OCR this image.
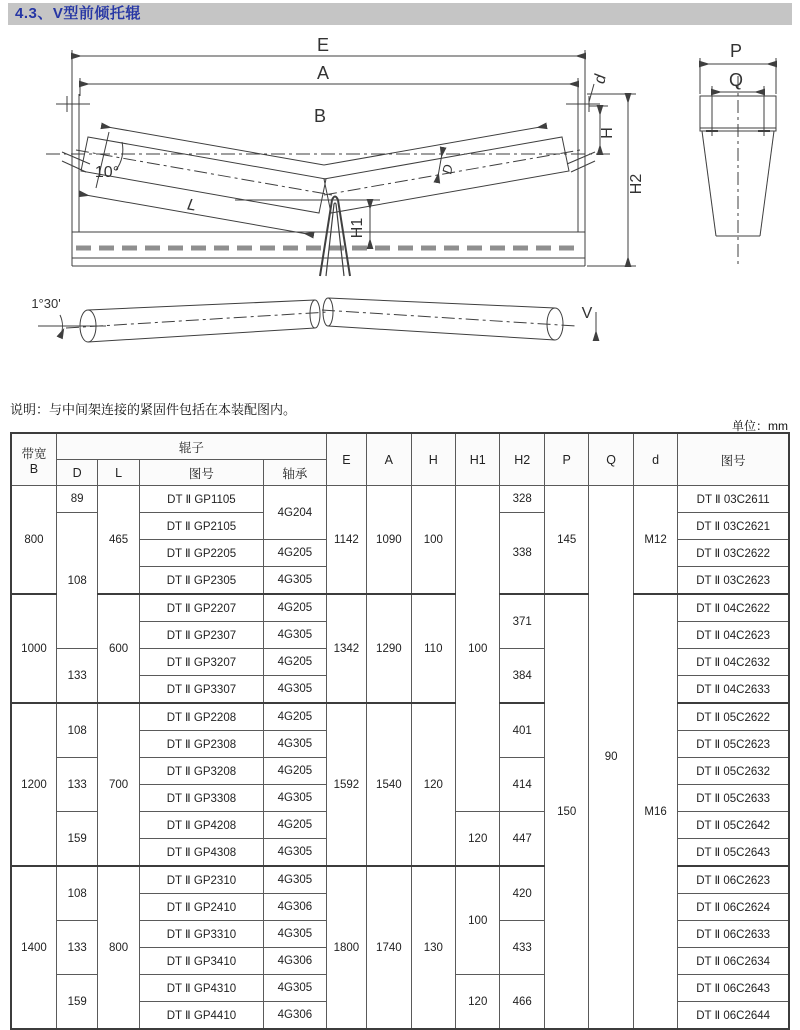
4.3、V型前倾托辊
E
A
B
d
H
H2
H1
L
10°	D
P
Q
1°30'
V
说明：与中间架连接的紧固件包括在本装配图内。
单位：mm
带宽
B	辊子				E	A	H	H1	H2	P	Q	d	图号
	D	L	图号	轴承									
800	89	465	DT Ⅱ GP1105	4G204	1142	1090	100	100	328	145	90	M12	DT Ⅱ 03C2611
	108		DT Ⅱ GP2105						338				DT Ⅱ 03C2621
			DT Ⅱ GP2205	4G205									DT Ⅱ 03C2622
			DT Ⅱ GP2305	4G305									DT Ⅱ 03C2623
1000		600	DT Ⅱ GP2207	4G205	1342	1290	110		371	150		M16	DT Ⅱ 04C2622
			DT Ⅱ GP2307	4G305									DT Ⅱ 04C2623
	133		DT Ⅱ GP3207	4G205					384				DT Ⅱ 04C2632
			DT Ⅱ GP3307	4G305									DT Ⅱ 04C2633
1200	108	700	DT Ⅱ GP2208	4G205	1592	1540	120		401				DT Ⅱ 05C2622
			DT Ⅱ GP2308	4G305									DT Ⅱ 05C2623
	133		DT Ⅱ GP3208	4G205					414				DT Ⅱ 05C2632
			DT Ⅱ GP3308	4G305									DT Ⅱ 05C2633
	159		DT Ⅱ GP4208	4G205				120	447				DT Ⅱ 05C2642
			DT Ⅱ GP4308	4G305									DT Ⅱ 05C2643
1400	108	800	DT Ⅱ GP2310	4G305	1800	1740	130	100	420				DT Ⅱ 06C2623
			DT Ⅱ GP2410	4G306									DT Ⅱ 06C2624
	133		DT Ⅱ GP3310	4G305					433				DT Ⅱ 06C2633
			DT Ⅱ GP3410	4G306									DT Ⅱ 06C2634
	159		DT Ⅱ GP4310	4G305				120	466				DT Ⅱ 06C2643
			DT Ⅱ GP4410	4G306									DT Ⅱ 06C2644
